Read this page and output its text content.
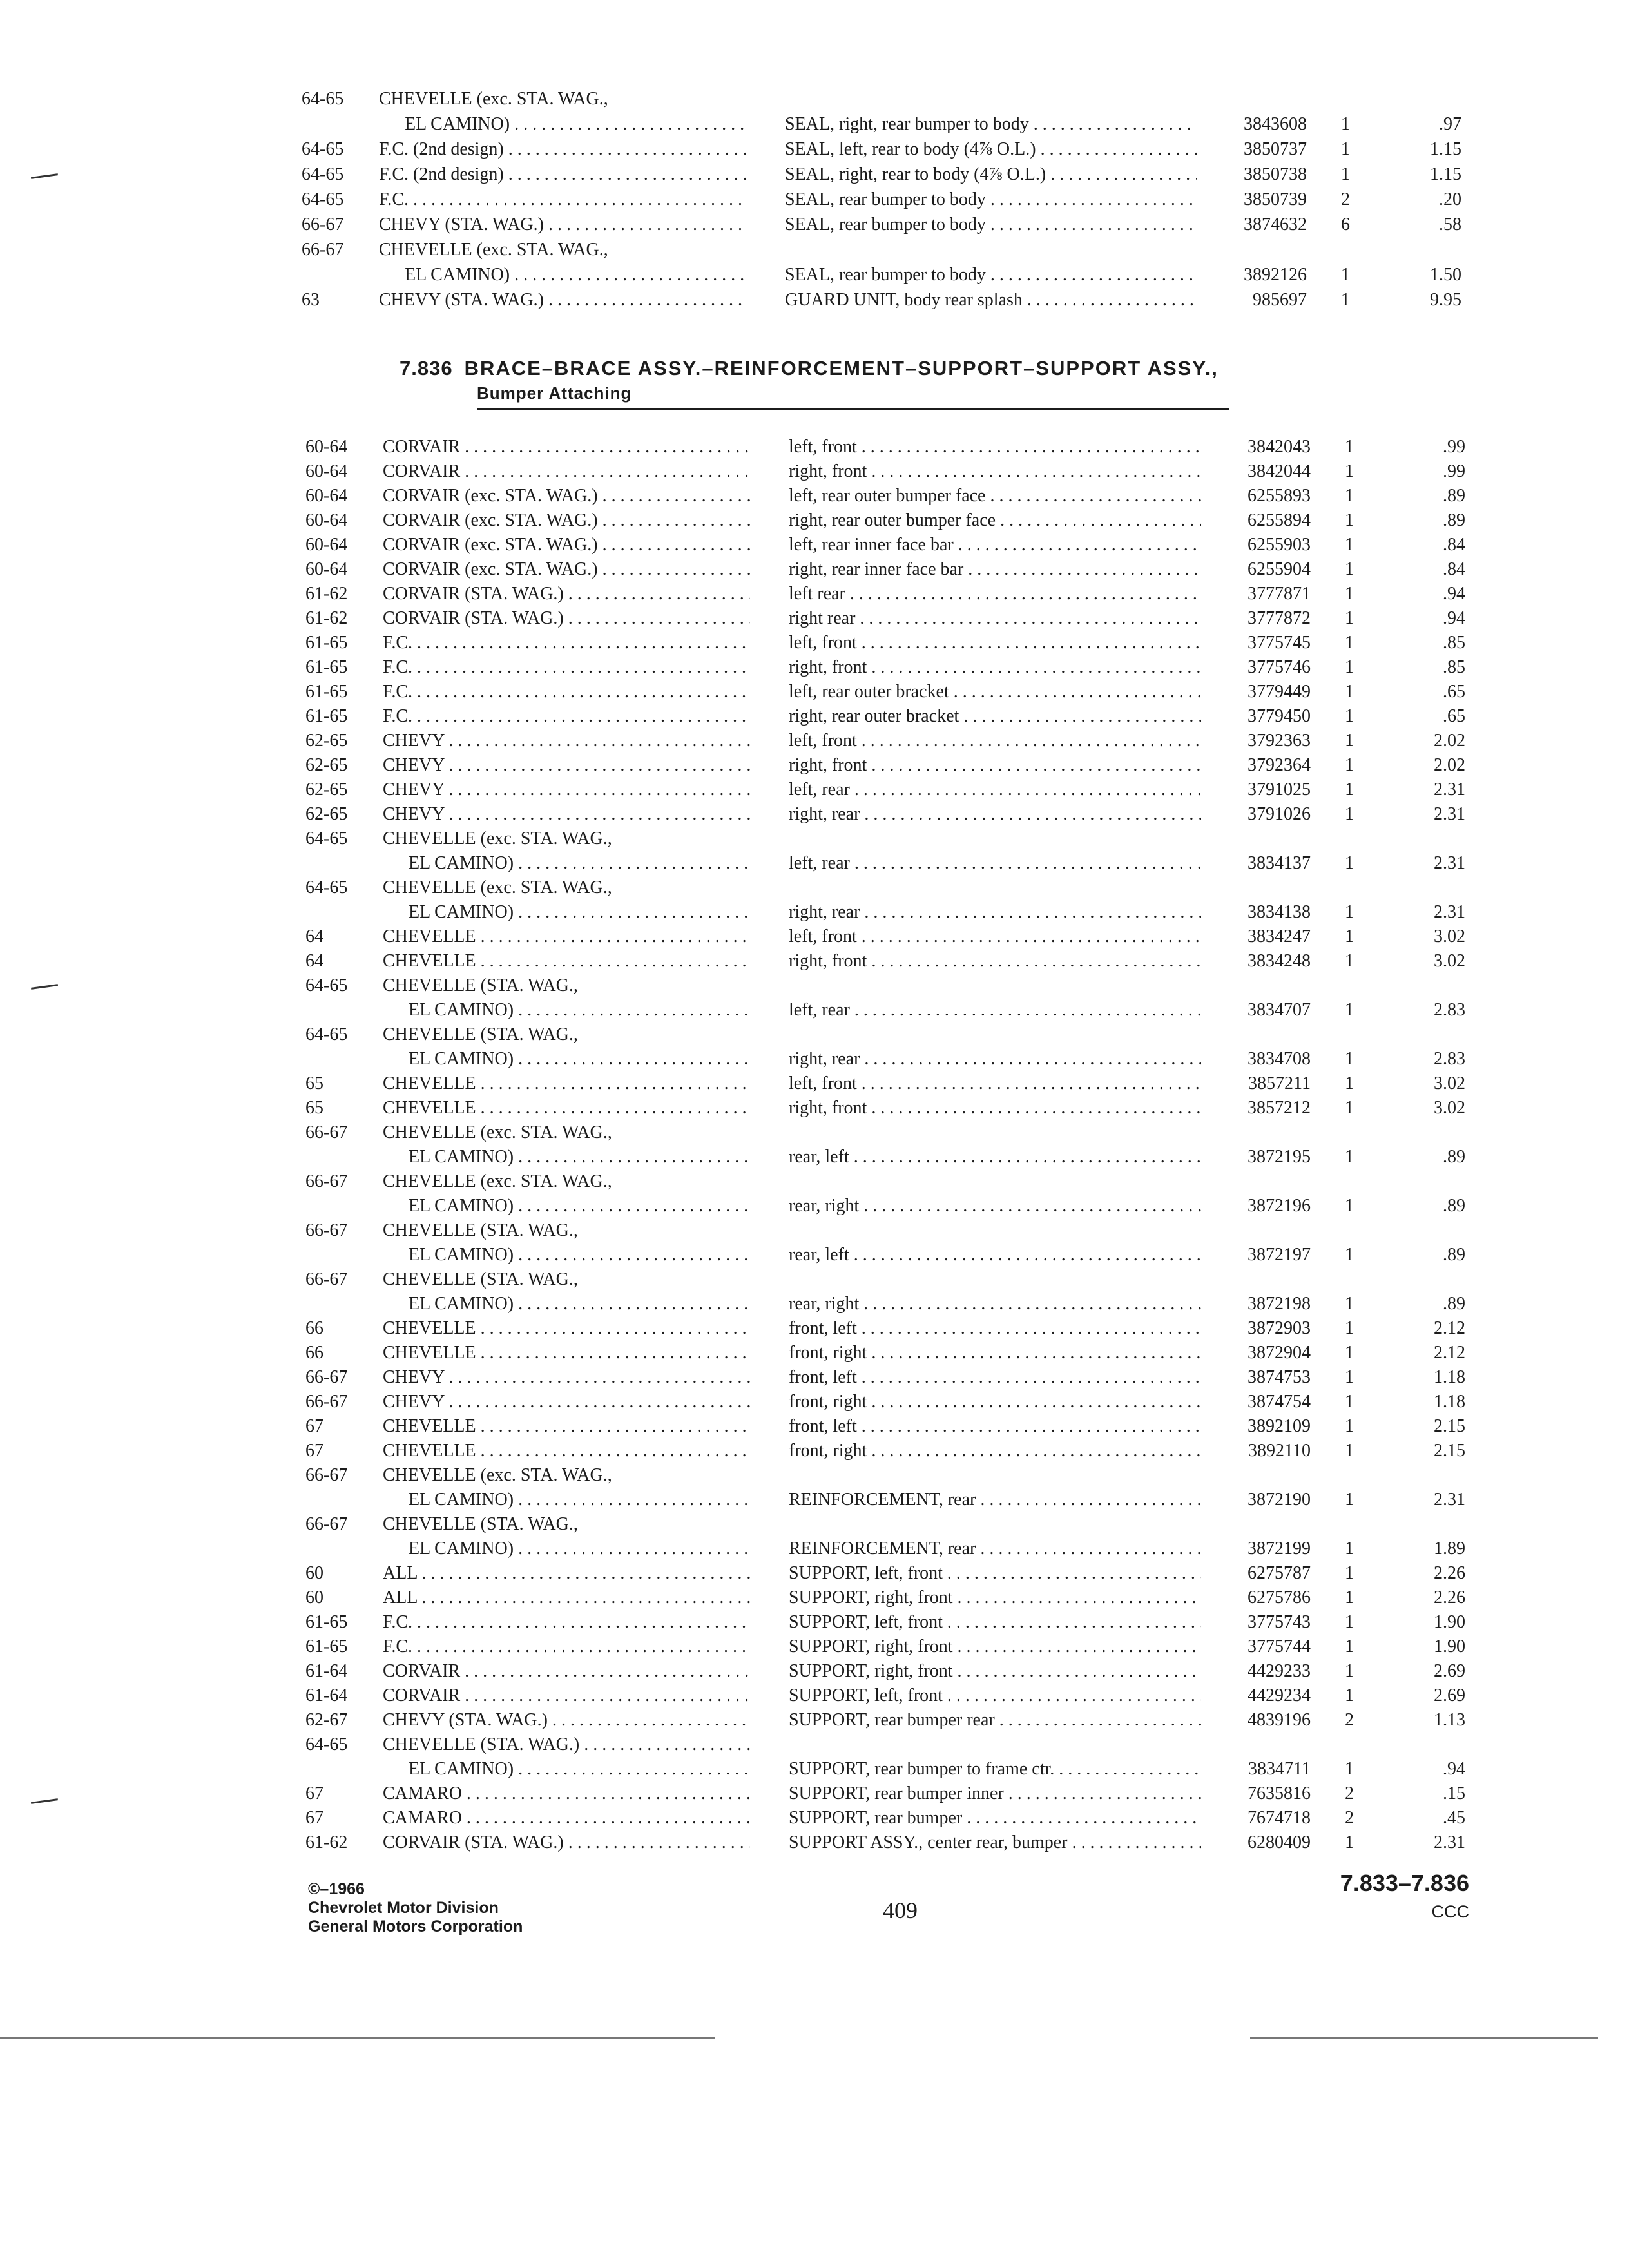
64-65	CHEVELLE (exc. STA. WAG.,
EL CAMINO) . . .	SEAL, right, rear bumper to body . . .	3843608	1	.97
64-65	F.C. (2nd design) . . .	SEAL, left, rear to body (4⅞ O.L.) . . .	3850737	1	1.15
64-65	F.C. (2nd design) . . .	SEAL, right, rear to body (4⅞ O.L.) . . .	3850738	1	1.15
64-65	F.C. . . .	SEAL, rear bumper to body . . .	3850739	2	.20
66-67	CHEVY (STA. WAG.) . . .	SEAL, rear bumper to body . . .	3874632	6	.58
66-67	CHEVELLE (exc. STA. WAG.,
EL CAMINO) . . .	SEAL, rear bumper to body . . .	3892126	1	1.50
63	CHEVY (STA. WAG.) . . .	GUARD UNIT, body rear splash . . .	985697	1	9.95
7.836 BRACE–BRACE ASSY.–REINFORCEMENT–SUPPORT–SUPPORT ASSY.,
Bumper Attaching
60-64	CORVAIR . . .	left, front . . .	3842043	1	.99
60-64	CORVAIR . . .	right, front . . .	3842044	1	.99
60-64	CORVAIR (exc. STA. WAG.) . . .	left, rear outer bumper face . . .	6255893	1	.89
60-64	CORVAIR (exc. STA. WAG.) . . .	right, rear outer bumper face . . .	6255894	1	.89
60-64	CORVAIR (exc. STA. WAG.) . . .	left, rear inner face bar . . .	6255903	1	.84
60-64	CORVAIR (exc. STA. WAG.) . . .	right, rear inner face bar . . .	6255904	1	.84
61-62	CORVAIR (STA. WAG.) . . .	left rear . . .	3777871	1	.94
61-62	CORVAIR (STA. WAG.) . . .	right rear . . .	3777872	1	.94
61-65	F.C. . . .	left, front . . .	3775745	1	.85
61-65	F.C. . . .	right, front . . .	3775746	1	.85
61-65	F.C. . . .	left, rear outer bracket . . .	3779449	1	.65
61-65	F.C. . . .	right, rear outer bracket . . .	3779450	1	.65
62-65	CHEVY . . .	left, front . . .	3792363	1	2.02
62-65	CHEVY . . .	right, front . . .	3792364	1	2.02
62-65	CHEVY . . .	left, rear . . .	3791025	1	2.31
62-65	CHEVY . . .	right, rear . . .	3791026	1	2.31
64-65	CHEVELLE (exc. STA. WAG.,
EL CAMINO) . . .	left, rear . . .	3834137	1	2.31
64-65	CHEVELLE (exc. STA. WAG.,
EL CAMINO) . . .	right, rear . . .	3834138	1	2.31
64	CHEVELLE . . .	left, front . . .	3834247	1	3.02
64	CHEVELLE . . .	right, front . . .	3834248	1	3.02
64-65	CHEVELLE (STA. WAG.,
EL CAMINO) . . .	left, rear . . .	3834707	1	2.83
64-65	CHEVELLE (STA. WAG.,
EL CAMINO) . . .	right, rear . . .	3834708	1	2.83
65	CHEVELLE . . .	left, front . . .	3857211	1	3.02
65	CHEVELLE . . .	right, front . . .	3857212	1	3.02
66-67	CHEVELLE (exc. STA. WAG.,
EL CAMINO) . . .	rear, left . . .	3872195	1	.89
66-67	CHEVELLE (exc. STA. WAG.,
EL CAMINO) . . .	rear, right . . .	3872196	1	.89
66-67	CHEVELLE (STA. WAG.,
EL CAMINO) . . .	rear, left . . .	3872197	1	.89
66-67	CHEVELLE (STA. WAG.,
EL CAMINO) . . .	rear, right . . .	3872198	1	.89
66	CHEVELLE . . .	front, left . . .	3872903	1	2.12
66	CHEVELLE . . .	front, right . . .	3872904	1	2.12
66-67	CHEVY . . .	front, left . . .	3874753	1	1.18
66-67	CHEVY . . .	front, right . . .	3874754	1	1.18
67	CHEVELLE . . .	front, left . . .	3892109	1	2.15
67	CHEVELLE . . .	front, right . . .	3892110	1	2.15
66-67	CHEVELLE (exc. STA. WAG.,
EL CAMINO) . . .	REINFORCEMENT, rear . . .	3872190	1	2.31
66-67	CHEVELLE (STA. WAG.,
EL CAMINO) . . .	REINFORCEMENT, rear . . .	3872199	1	1.89
60	ALL . . .	SUPPORT, left, front . . .	6275787	1	2.26
60	ALL . . .	SUPPORT, right, front . . .	6275786	1	2.26
61-65	F.C. . . .	SUPPORT, left, front . . .	3775743	1	1.90
61-65	F.C. . . .	SUPPORT, right, front . . .	3775744	1	1.90
61-64	CORVAIR . . .	SUPPORT, right, front . . .	4429233	1	2.69
61-64	CORVAIR . . .	SUPPORT, left, front . . .	4429234	1	2.69
62-67	CHEVY (STA. WAG.) . . .	SUPPORT, rear bumper rear . . .	4839196	2	1.13
64-65	CHEVELLE (STA. WAG.) . . .
EL CAMINO) . . .	SUPPORT, rear bumper to frame ctr. . . .	3834711	1	.94
67	CAMARO . . .	SUPPORT, rear bumper inner . . .	7635816	2	.15
67	CAMARO . . .	SUPPORT, rear bumper . . .	7674718	2	.45
61-62	CORVAIR (STA. WAG.) . . .	SUPPORT ASSY., center rear, bumper . . .	6280409	1	2.31
©–1966
Chevrolet Motor Division
General Motors Corporation
409
7.833–7.836
CCC
